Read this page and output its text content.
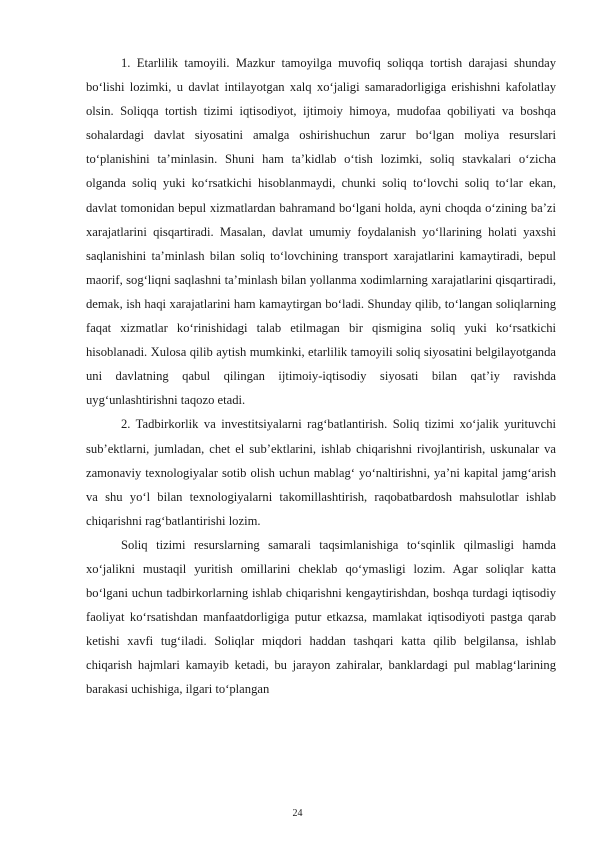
1. Etarlilik tamoyili. Mazkur tamoyilga muvofiq soliqqa tortish darajasi shunday bo‘lishi lozimki, u davlat intilayotgan xalq xo‘jaligi samaradorligiga erishishni kafolatlay olsin. Soliqqa tortish tizimi iqtisodiyot, ijtimoiy himoya, mudofaa qobiliyati va boshqa sohalardagi davlat siyosatini amalga oshirishuchun zarur bo‘lgan moliya resurslari to‘planishini ta’minlasin. Shuni ham ta’kidlab o‘tish lozimki, soliq stavkalari o‘zicha olganda soliq yuki ko‘rsatkichi hisoblanmaydi, chunki soliq to‘lovchi soliq to‘lar ekan, davlat tomonidan bepul xizmatlardan bahramand bo‘lgani holda, ayni choqda o‘zining ba’zi xarajatlarini qisqartiradi. Masalan, davlat umumiy foydalanish yo‘llarining holati yaxshi saqlanishini ta’minlash bilan soliq to‘lovchining transport xarajatlarini kamaytiradi, bepul maorif, sog‘liqni saqlashni ta’minlash bilan yollanma xodimlarning xarajatlarini qisqartiradi, demak, ish haqi xarajatlarini ham kamaytirgan bo‘ladi. Shunday qilib, to‘langan soliqlarning faqat xizmatlar ko‘rinishidagi talab etilmagan bir qismigina soliq yuki ko‘rsatkichi hisoblanadi. Xulosa qilib aytish mumkinki, etarlilik tamoyili soliq siyosatini belgilayotganda uni davlatning qabul qilingan ijtimoiy-iqtisodiy siyosati bilan qat’iy ravishda uyg‘unlashtirishni taqozo etadi.

2. Tadbirkorlik va investitsiyalarni rag‘batlantirish. Soliq tizimi xo‘jalik yurituvchi sub’ektlarni, jumladan, chet el sub’ektlarini, ishlab chiqarishni rivojlantirish, uskunalar va zamonaviy texnologiyalar sotib olish uchun mablag‘ yo‘naltirishni, ya’ni kapital jamg‘arish va shu yo‘l bilan texnologiyalarni takomillashtirish, raqobatbardosh mahsulotlar ishlab chiqarishni rag‘batlantirishi lozim.

Soliq tizimi resurslarning samarali taqsimlanishiga to‘sqinlik qilmasligi hamda xo‘jalikni mustaqil yuritish omillarini cheklab qo‘ymasligi lozim. Agar soliqlar katta bo‘lgani uchun tadbirkorlarning ishlab chiqarishni kengaytirishdan, boshqa turdagi iqtisodiy faoliyat ko‘rsatishdan manfaatdorligiga putur etkazsa, mamlakat iqtisodiyoti pastga qarab ketishi xavfi tug‘iladi. Soliqlar miqdori haddan tashqari katta qilib belgilansa, ishlab chiqarish hajmlari kamayib ketadi, bu jarayon zahiralar, banklardagi pul mablag‘larining barakasi uchishiga, ilgari to‘plangan

24
